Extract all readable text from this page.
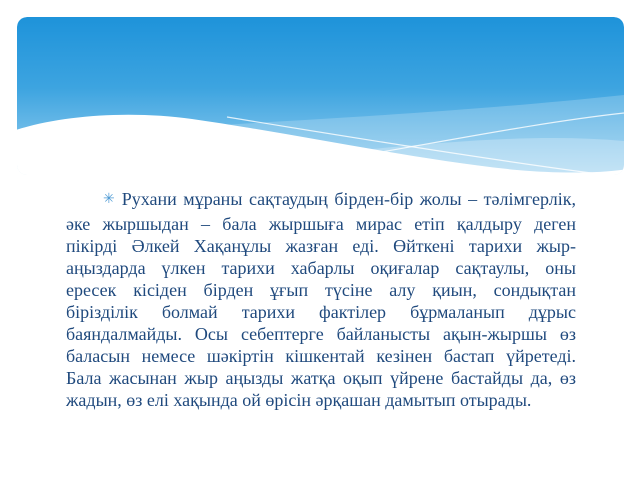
✳ Рухани мұраны сақтаудың бірден-бір жолы – тәлімгерлік,
әке жыршыдан – бала жыршыға мирас етіп қалдыру деген
пікірді Әлкей Хақанұлы жазған еді. Өйткені тарихи жыр-
аңыздарда үлкен тарихи хабарлы оқиғалар сақтаулы, оны
ересек кісіден бірден ұғып түсіне алу қиын, сондықтан
бірізділік болмай тарихи фактілер бұрмаланып дұрыс
баяндалмайды. Осы себептерге байланысты ақын-жыршы өз
баласын немесе шәкіртін кішкентай кезінен бастап үйретеді.
Бала жасынан жыр аңызды жатқа оқып үйрене бастайды да, өз
жадын, өз елі хақында ой өрісін әрқашан дамытып отырады.
